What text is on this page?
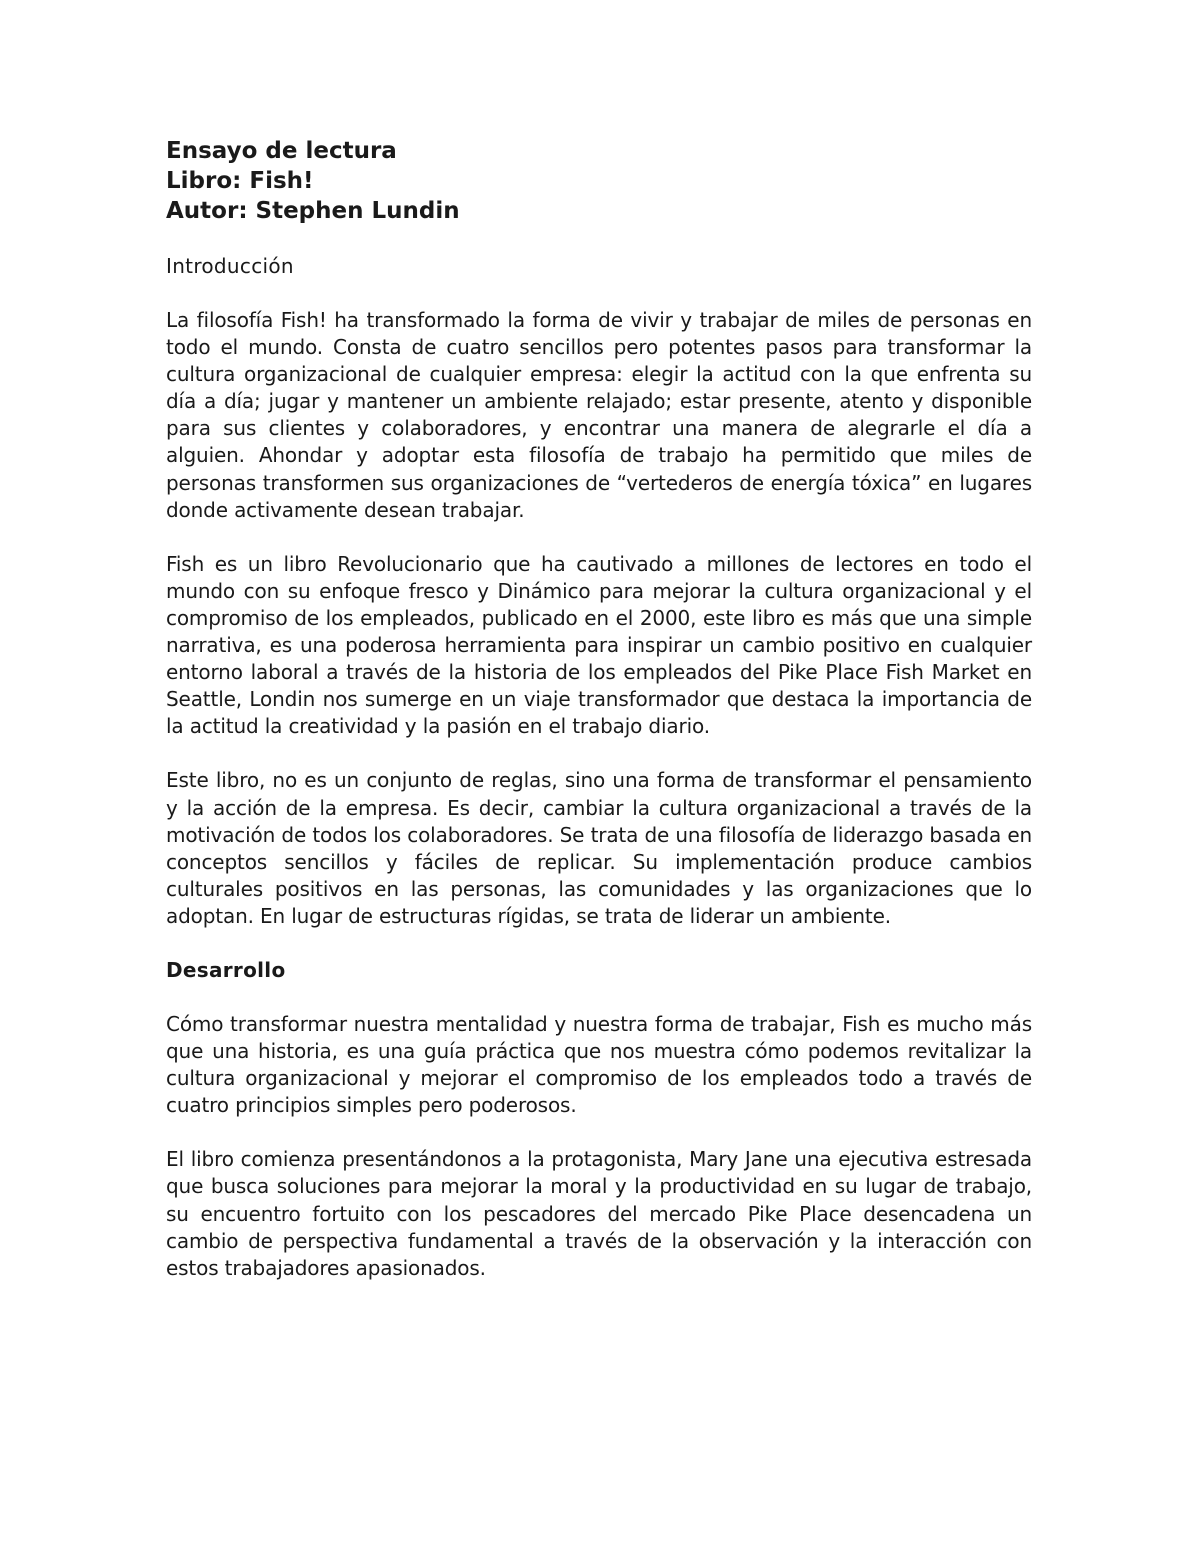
Ensayo de lectura

Libro: Fish!

Autor: Stephen Lundin

Introducción

La filosofía Fish! ha transformado la forma de vivir y trabajar de miles de personas en todo el mundo. Consta de cuatro sencillos pero potentes pasos para transformar la cultura organizacional de cualquier empresa: elegir la actitud con la que enfrenta su día a día; jugar y mantener un ambiente relajado; estar presente, atento y disponible para sus clientes y colaboradores, y encontrar una manera de alegrarle el día a alguien. Ahondar y adoptar esta filosofía de trabajo ha permitido que miles de personas transformen sus organizaciones de “vertederos de energía tóxica” en lugares donde activamente desean trabajar.

Fish es un libro Revolucionario que ha cautivado a millones de lectores en todo el mundo con su enfoque fresco y Dinámico para mejorar la cultura organizacional y el compromiso de los empleados, publicado en el 2000, este libro es más que una simple narrativa, es una poderosa herramienta para inspirar un cambio positivo en cualquier entorno laboral a través de la historia de los empleados del Pike Place Fish Market en Seattle, Londin nos sumerge en un viaje transformador que destaca la importancia de la actitud la creatividad y la pasión en el trabajo diario.

Este libro, no es un conjunto de reglas, sino una forma de transformar el pensamiento y la acción de la empresa. Es decir, cambiar la cultura organizacional a través de la motivación de todos los colaboradores. Se trata de una filosofía de liderazgo basada en conceptos sencillos y fáciles de replicar. Su implementación produce cambios culturales positivos en las personas, las comunidades y las organizaciones que lo adoptan. En lugar de estructuras rígidas, se trata de liderar un ambiente.

Desarrollo

Cómo transformar nuestra mentalidad y nuestra forma de trabajar, Fish es mucho más que una historia, es una guía práctica que nos muestra cómo podemos revitalizar la cultura organizacional y mejorar el compromiso de los empleados todo a través de cuatro principios simples pero poderosos.

El libro comienza presentándonos a la protagonista, Mary Jane una ejecutiva estresada que busca soluciones para mejorar la moral y la productividad en su lugar de trabajo, su encuentro fortuito con los pescadores del mercado Pike Place desencadena un cambio de perspectiva fundamental a través de la observación y la interacción con estos trabajadores apasionados.
